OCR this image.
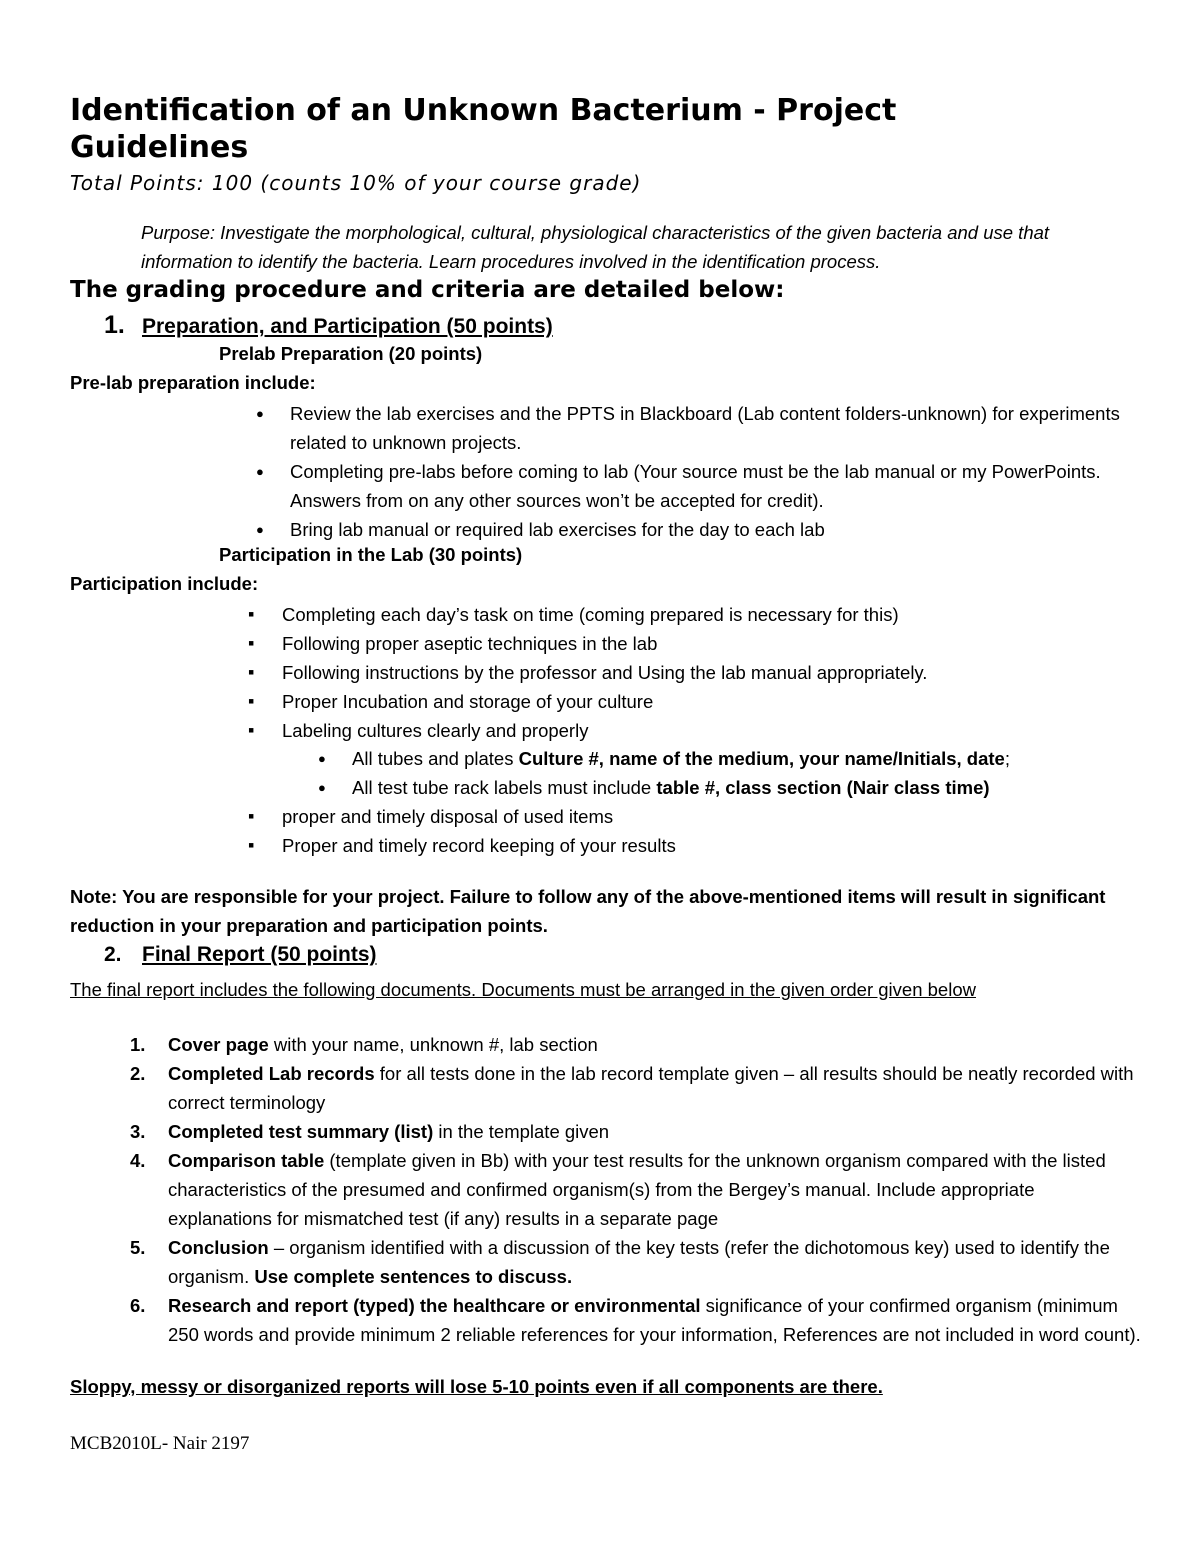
Identification of an Unknown Bacterium - Project Guidelines
Total Points: 100 (counts 10% of your course grade)
Purpose: Investigate the morphological, cultural, physiological characteristics of the given bacteria and use that information to identify the bacteria. Learn procedures involved in the identification process.
The grading procedure and criteria are detailed below:
1. Preparation, and Participation (50 points)
Prelab Preparation (20 points)
Pre-lab preparation include:
● Review the lab exercises and the PPTS in Blackboard (Lab content folders-unknown) for experiments related to unknown projects.
● Completing pre-labs before coming to lab (Your source must be the lab manual or my PowerPoints. Answers from on any other sources won’t be accepted for credit).
● Bring lab manual or required lab exercises for the day to each lab
Participation in the Lab (30 points)
Participation include:
▪ Completing each day’s task on time (coming prepared is necessary for this)
▪ Following proper aseptic techniques in the lab
▪ Following instructions by the professor and Using the lab manual appropriately.
▪ Proper Incubation and storage of your culture
▪ Labeling cultures clearly and properly
● All tubes and plates Culture #, name of the medium, your name/Initials, date;
● All test tube rack labels must include table #, class section (Nair class time)
▪ proper and timely disposal of used items
▪ Proper and timely record keeping of your results
Note: You are responsible for your project. Failure to follow any of the above-mentioned items will result in significant reduction in your preparation and participation points.
2. Final Report (50 points)
The final report includes the following documents. Documents must be arranged in the given order given below
1. Cover page with your name, unknown #, lab section
2. Completed Lab records for all tests done in the lab record template given – all results should be neatly recorded with correct terminology
3. Completed test summary (list) in the template given
4. Comparison table (template given in Bb) with your test results for the unknown organism compared with the listed characteristics of the presumed and confirmed organism(s) from the Bergey’s manual. Include appropriate explanations for mismatched test (if any) results in a separate page
5. Conclusion – organism identified with a discussion of the key tests (refer the dichotomous key) used to identify the organism. Use complete sentences to discuss.
6. Research and report (typed) the healthcare or environmental significance of your confirmed organism (minimum 250 words and provide minimum 2 reliable references for your information, References are not included in word count).
Sloppy, messy or disorganized reports will lose 5-10 points even if all components are there.
MCB2010L- Nair 2197
